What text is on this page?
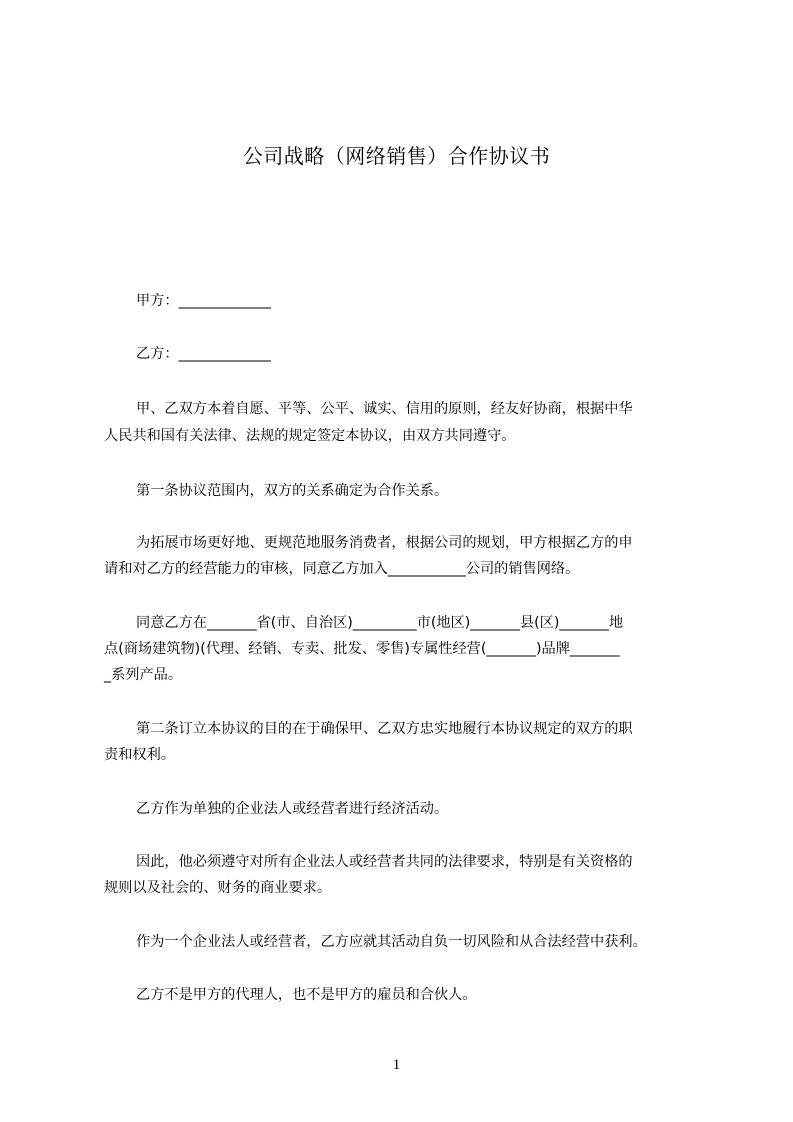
公司战略（网络销售）合作协议书
甲方：_____________
乙方：_____________
甲、乙双方本着自愿、平等、公平、诚实、信用的原则，经友好协商，根据中华
人民共和国有关法律、法规的规定签定本协议，由双方共同遵守。
第一条协议范围内，双方的关系确定为合作关系。
为拓展市场更好地、更规范地服务消费者，根据公司的规划，甲方根据乙方的申
请和对乙方的经营能力的审核，同意乙方加入___________公司的销售网络。
同意乙方在_______省(市、自治区)_________市(地区)_______县(区)_______地
点(商场建筑物)(代理、经销、专卖、批发、零售)专属性经营(_______)品牌_______
_系列产品。
第二条订立本协议的目的在于确保甲、乙双方忠实地履行本协议规定的双方的职
责和权利。
乙方作为单独的企业法人或经营者进行经济活动。
因此，他必须遵守对所有企业法人或经营者共同的法律要求，特别是有关资格的
规则以及社会的、财务的商业要求。
作为一个企业法人或经营者，乙方应就其活动自负一切风险和从合法经营中获利。
乙方不是甲方的代理人，也不是甲方的雇员和合伙人。
1
